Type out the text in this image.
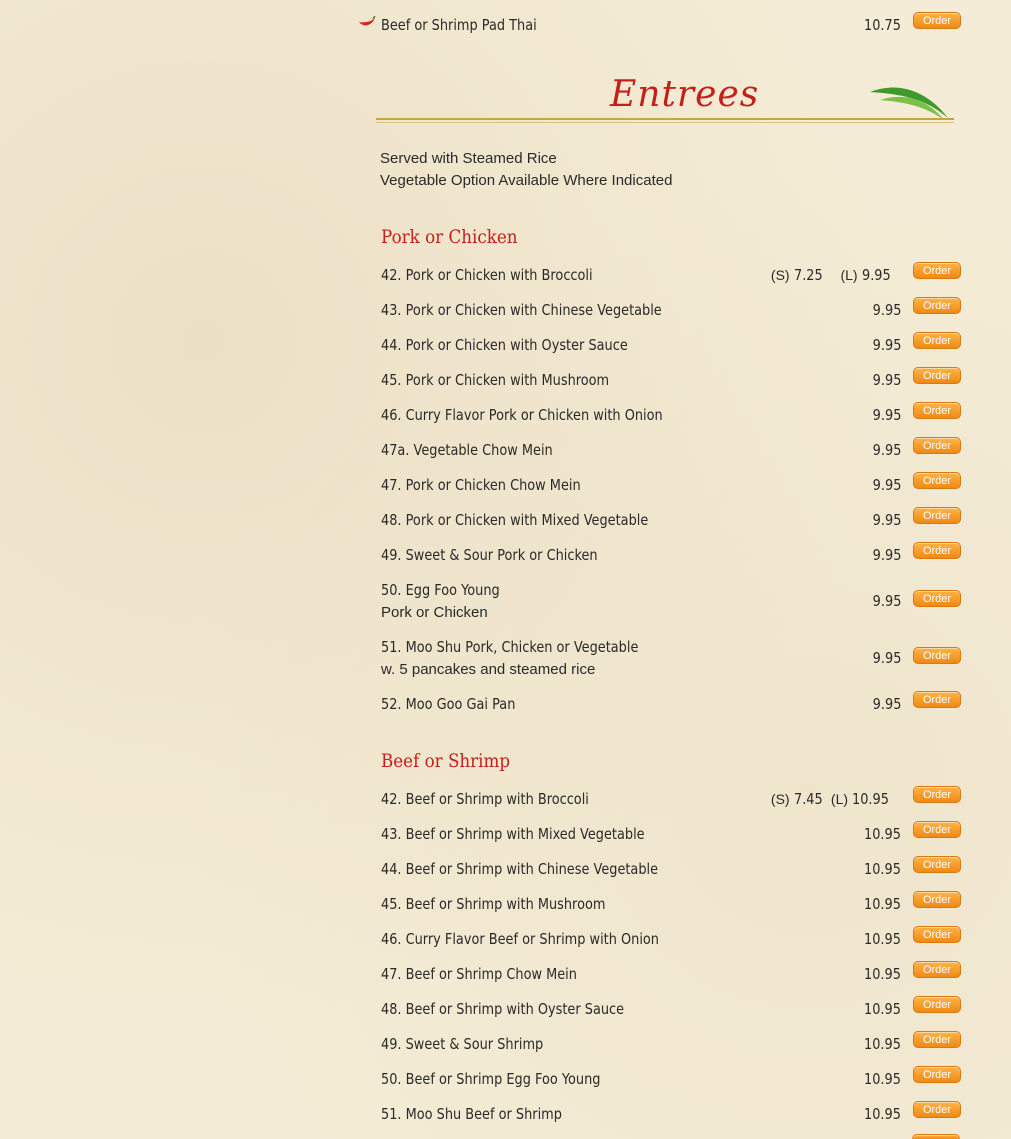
Beef or Shrimp Pad Thai	10.75	Order
Entrees
Served with Steamed Rice
Vegetable Option Available Where Indicated
Pork or Chicken
42. Pork or Chicken with Broccoli	(S) 7.25	(L) 9.95	Order
43. Pork or Chicken with Chinese Vegetable	9.95	Order
44. Pork or Chicken with Oyster Sauce	9.95	Order
45. Pork or Chicken with Mushroom	9.95	Order
46. Curry Flavor Pork or Chicken with Onion	9.95	Order
47a. Vegetable Chow Mein	9.95	Order
47. Pork or Chicken Chow Mein	9.95	Order
48. Pork or Chicken with Mixed Vegetable	9.95	Order
49. Sweet & Sour Pork or Chicken	9.95	Order
50. Egg Foo Young
Pork or Chicken
9.95	Order
51. Moo Shu Pork, Chicken or Vegetable
w. 5 pancakes and steamed rice
9.95	Order
52. Moo Goo Gai Pan	9.95	Order
Beef or Shrimp
42. Beef or Shrimp with Broccoli	(S) 7.45 (L) 10.95	Order
43. Beef or Shrimp with Mixed Vegetable	10.95	Order
44. Beef or Shrimp with Chinese Vegetable	10.95	Order
45. Beef or Shrimp with Mushroom	10.95	Order
46. Curry Flavor Beef or Shrimp with Onion	10.95	Order
47. Beef or Shrimp Chow Mein	10.95	Order
48. Beef or Shrimp with Oyster Sauce	10.95	Order
49. Sweet & Sour Shrimp	10.95	Order
50. Beef or Shrimp Egg Foo Young	10.95	Order
51. Moo Shu Beef or Shrimp	10.95	Order
